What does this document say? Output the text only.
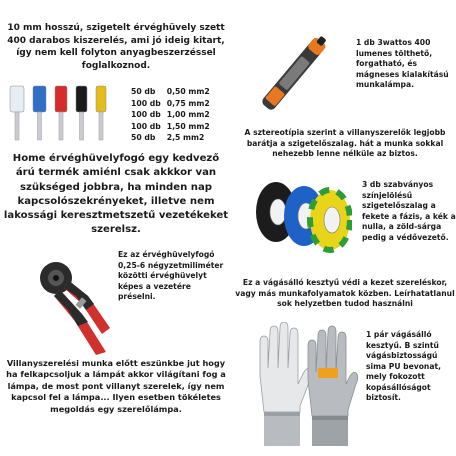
10 mm hosszú, szigetelt érvéghüvely szett 400 darabos kiszerelés, ami jó ideig kitart, így nem kell folyton anyagbeszerzéssel foglalkoznod.
50 db	0,50 mm2
100 db	0,75 mm2
100 db	1,00 mm2
100 db	1,50 mm2
50 db	2,5 mm2
Home érvéghüvelyfogó egy kedvező árú termék amiénl csak akkkor van szükséged jobbra, ha minden nap kapcsolószekrényeket, illetve nem lakossági keresztmetszetű vezetékeket szerelsz.
Ez az érvéghüvelyfogó 0,25-6 négyzetmiliméter közötti érvéghüvelyt képes a vezetére préselni.
Villanyszerelési munka előtt eszünkbe jut hogy ha felkapcsoljuk a lámpát akkor világítani fog a lámpa, de most pont villanyt szerelek, így nem kapcsol fel a lámpa... Ilyen esetben tökéletes megoldás egy szerelőlámpa.
1 db 3wattos 400 lumenes tölthető, forgatható, és mágneses kialakítású munkalámpa.
A sztereotípia szerint a villanyszerelők legjobb barátja a szigetelőszalag. hát a munka sokkal nehezebb lenne nélküle az biztos.
3 db szabványos színjelölésű szigetelőszalag a fekete a fázis, a kék a nulla, a zöld-sárga pedig a védővezető.
Ez a vágásálló kesztyű védi a kezet szereléskor, vagy más munkafolyamatok közben. Leírhatatlanul sok helyzetben tudod használni
1 pár vágásálló kesztyű. B szintű vágásbiztosságú sima PU bevonat, mely fokozott kopásállóságot biztosít.
